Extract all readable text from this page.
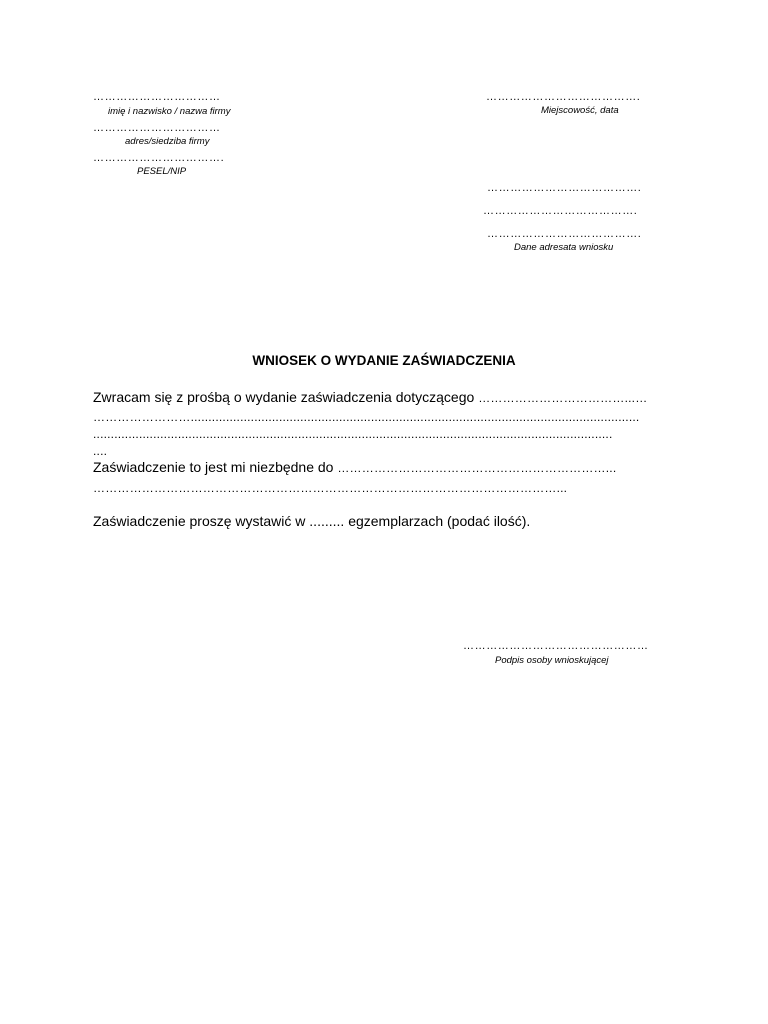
……………………………
imię i nazwisko / nazwa firmy
……………………………
adres/siedziba firmy
…………………………….
PESEL/NIP
………………………………….
Miejscowość, data
………………………………….
………………………………….
………………………………….
Dane adresata wniosku
WNIOSEK O WYDANIE ZAŚWIADCZENIA
Zwracam się z prośbą o wydanie zaświadczenia dotyczącego ………………………………...…
……………………...............................................................................................................................
...................................................................................................................................................
....
Zaświadczenie to jest mi niezbędne do …………………………………………………………...
……………………………………………………………………………………………………...
Zaświadczenie proszę wystawić w ......... egzemplarzach (podać ilość).
…………………………………………
Podpis osoby wnioskującej
